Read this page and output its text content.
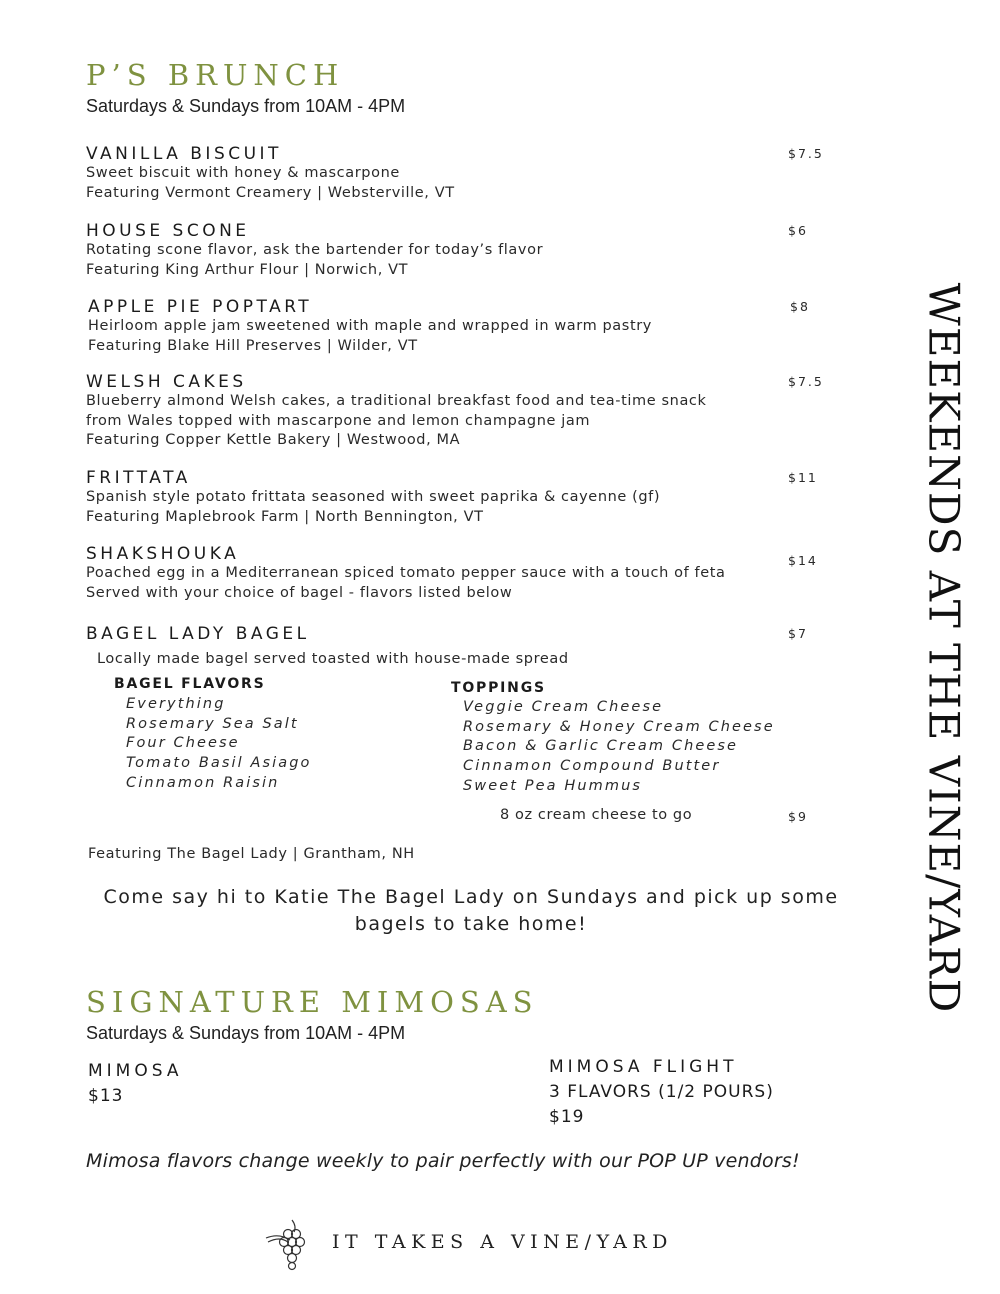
P’S BRUNCH
Saturdays & Sundays from 10AM - 4PM
VANILLA BISCUIT
Sweet biscuit with honey & mascarpone
Featuring Vermont Creamery | Websterville, VT
$7.5
HOUSE SCONE
Rotating scone flavor, ask the bartender for today’s flavor
Featuring King Arthur Flour | Norwich, VT
$6
APPLE PIE POPTART
Heirloom apple jam sweetened with maple and wrapped in warm pastry
Featuring Blake Hill Preserves | Wilder, VT
$8
WELSH CAKES
Blueberry almond Welsh cakes, a traditional breakfast food and tea-time snack
from Wales topped with mascarpone and lemon champagne jam
Featuring Copper Kettle Bakery | Westwood, MA
$7.5
FRITTATA
Spanish style potato frittata seasoned with sweet paprika & cayenne (gf)
Featuring Maplebrook Farm | North Bennington, VT
$11
SHAKSHOUKA
Poached egg in a Mediterranean spiced tomato pepper sauce with a touch of feta
Served with your choice of bagel - flavors listed below
$14
BAGEL LADY BAGEL	$7
Locally made bagel served toasted with house-made spread
BAGEL FLAVORS
Everything
Rosemary Sea Salt
Four Cheese
Tomato Basil Asiago
Cinnamon Raisin
TOPPINGS
Veggie Cream Cheese
Rosemary & Honey Cream Cheese
Bacon & Garlic Cream Cheese
Cinnamon Compound Butter
Sweet Pea Hummus
8 oz cream cheese to go	$9
Featuring The Bagel Lady | Grantham, NH
Come say hi to Katie The Bagel Lady on Sundays and pick up some bagels to take home!
SIGNATURE MIMOSAS
Saturdays & Sundays from 10AM - 4PM
MIMOSA
$13
MIMOSA FLIGHT
3 FLAVORS (1/2 POURS)
$19
Mimosa flavors change weekly to pair perfectly with our POP UP vendors!
WEEKENDS AT THE VINE/YARD
IT TAKES A VINE/YARD
